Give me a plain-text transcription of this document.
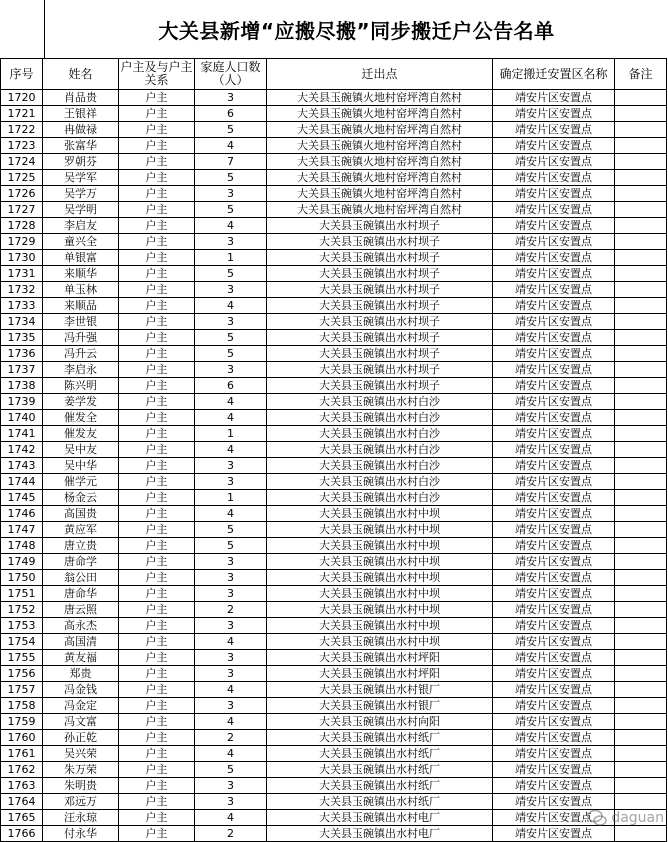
大关县新增“应搬尽搬”同步搬迁户公告名单
序号	姓名	户主及与户主关系	家庭人口数（人）	迁出点	确定搬迁安置区名称	备注
1720	肖品贵	户主	3	大关县玉碗镇火地村窑坪湾自然村	靖安片区安置点	
1721	王银祥	户主	6	大关县玉碗镇火地村窑坪湾自然村	靖安片区安置点	
1722	冉做禄	户主	5	大关县玉碗镇火地村窑坪湾自然村	靖安片区安置点	
1723	张富华	户主	4	大关县玉碗镇火地村窑坪湾自然村	靖安片区安置点	
1724	罗朝芬	户主	7	大关县玉碗镇火地村窑坪湾自然村	靖安片区安置点	
1725	吴学军	户主	5	大关县玉碗镇火地村窑坪湾自然村	靖安片区安置点	
1726	吴学万	户主	3	大关县玉碗镇火地村窑坪湾自然村	靖安片区安置点	
1727	吴学明	户主	5	大关县玉碗镇火地村窑坪湾自然村	靖安片区安置点	
1728	李启友	户主	4	大关县玉碗镇出水村坝子	靖安片区安置点	
1729	童兴全	户主	3	大关县玉碗镇出水村坝子	靖安片区安置点	
1730	单银富	户主	1	大关县玉碗镇出水村坝子	靖安片区安置点	
1731	来顺华	户主	5	大关县玉碗镇出水村坝子	靖安片区安置点	
1732	单玉林	户主	3	大关县玉碗镇出水村坝子	靖安片区安置点	
1733	来顺品	户主	4	大关县玉碗镇出水村坝子	靖安片区安置点	
1734	李世银	户主	3	大关县玉碗镇出水村坝子	靖安片区安置点	
1735	冯升强	户主	5	大关县玉碗镇出水村坝子	靖安片区安置点	
1736	冯升云	户主	5	大关县玉碗镇出水村坝子	靖安片区安置点	
1737	李启永	户主	3	大关县玉碗镇出水村坝子	靖安片区安置点	
1738	陈兴明	户主	6	大关县玉碗镇出水村坝子	靖安片区安置点	
1739	姜学发	户主	4	大关县玉碗镇出水村白沙	靖安片区安置点	
1740	催发全	户主	4	大关县玉碗镇出水村白沙	靖安片区安置点	
1741	催发友	户主	1	大关县玉碗镇出水村白沙	靖安片区安置点	
1742	吴中友	户主	4	大关县玉碗镇出水村白沙	靖安片区安置点	
1743	吴中华	户主	3	大关县玉碗镇出水村白沙	靖安片区安置点	
1744	催学元	户主	3	大关县玉碗镇出水村白沙	靖安片区安置点	
1745	杨金云	户主	1	大关县玉碗镇出水村白沙	靖安片区安置点	
1746	高国贵	户主	4	大关县玉碗镇出水村中坝	靖安片区安置点	
1747	黄应军	户主	5	大关县玉碗镇出水村中坝	靖安片区安置点	
1748	唐立贵	户主	5	大关县玉碗镇出水村中坝	靖安片区安置点	
1749	唐命学	户主	3	大关县玉碗镇出水村中坝	靖安片区安置点	
1750	翁公田	户主	3	大关县玉碗镇出水村中坝	靖安片区安置点	
1751	唐命华	户主	3	大关县玉碗镇出水村中坝	靖安片区安置点	
1752	唐云照	户主	2	大关县玉碗镇出水村中坝	靖安片区安置点	
1753	高永杰	户主	3	大关县玉碗镇出水村中坝	靖安片区安置点	
1754	高国清	户主	4	大关县玉碗镇出水村中坝	靖安片区安置点	
1755	黄友福	户主	3	大关县玉碗镇出水村坪阳	靖安片区安置点	
1756	郑贵	户主	3	大关县玉碗镇出水村坪阳	靖安片区安置点	
1757	冯金钱	户主	4	大关县玉碗镇出水村银厂	靖安片区安置点	
1758	冯金定	户主	3	大关县玉碗镇出水村银厂	靖安片区安置点	
1759	冯文富	户主	4	大关县玉碗镇出水村向阳	靖安片区安置点	
1760	孙正乾	户主	2	大关县玉碗镇出水村纸厂	靖安片区安置点	
1761	吴兴荣	户主	4	大关县玉碗镇出水村纸厂	靖安片区安置点	
1762	朱万荣	户主	5	大关县玉碗镇出水村纸厂	靖安片区安置点	
1763	朱明贵	户主	3	大关县玉碗镇出水村纸厂	靖安片区安置点	
1764	邓远万	户主	3	大关县玉碗镇出水村纸厂	靖安片区安置点	
1765	汪永琼	户主	4	大关县玉碗镇出水村电厂	靖安片区安置点	
1766	付永华	户主	2	大关县玉碗镇出水村电厂	靖安片区安置点	
daguan
